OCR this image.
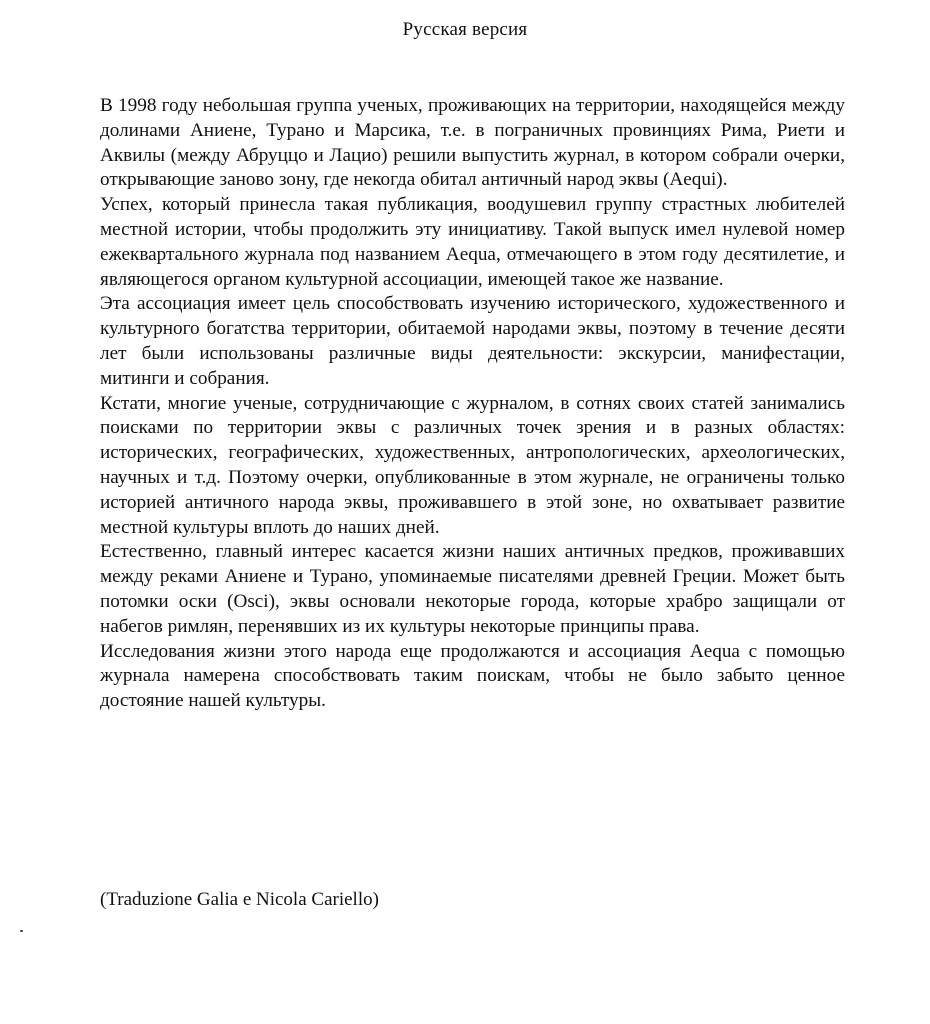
Русская версия

В 1998 году небольшая группа ученых, проживающих на территории, находящейся между долинами Аниене, Турано и Марсика, т.е. в пограничных провинциях Рима, Риети и Аквилы (между Абруццо и Лацио) решили выпустить журнал, в котором собрали очерки, открывающие заново зону, где некогда обитал античный народ эквы (Aequi).

Успех, который принесла такая публикация, воодушевил группу страстных любителей местной истории, чтобы продолжить эту инициативу. Такой выпуск имел нулевой номер ежеквартального журнала под названием Aequa, отмечающего в этом году десятилетие, и являющегося органом культурной ассоциации, имеющей такое же название.

Эта ассоциация имеет цель способствовать изучению исторического, художественного и культурного богатства территории, обитаемой народами эквы, поэтому в течение десяти лет были использованы различные виды деятельности: экскурсии, манифестации, митинги и собрания.

Кстати, многие ученые, сотрудничающие с журналом, в сотнях своих статей занимались поисками по территории эквы с различных точек зрения и в разных областях: исторических, географических, художественных, антропологических, археологических, научных и т.д. Поэтому очерки, опубликованные в этом журнале, не ограничены только историей античного народа эквы, проживавшего в этой зоне, но охватывает развитие местной культуры вплоть до наших дней.

Естественно, главный интерес касается жизни наших античных предков, проживавших между реками Аниене и Турано, упоминаемые писателями древней Греции. Может быть потомки оски (Osci), эквы основали некоторые города, которые храбро защищали от набегов римлян, перенявших из их культуры некоторые принципы права.

Исследования жизни этого народа еще продолжаются и ассоциация Aequa с помощью журнала намерена способствовать таким поискам, чтобы не было забыто ценное достояние нашей культуры.

(Traduzione Galia e Nicola Cariello)
